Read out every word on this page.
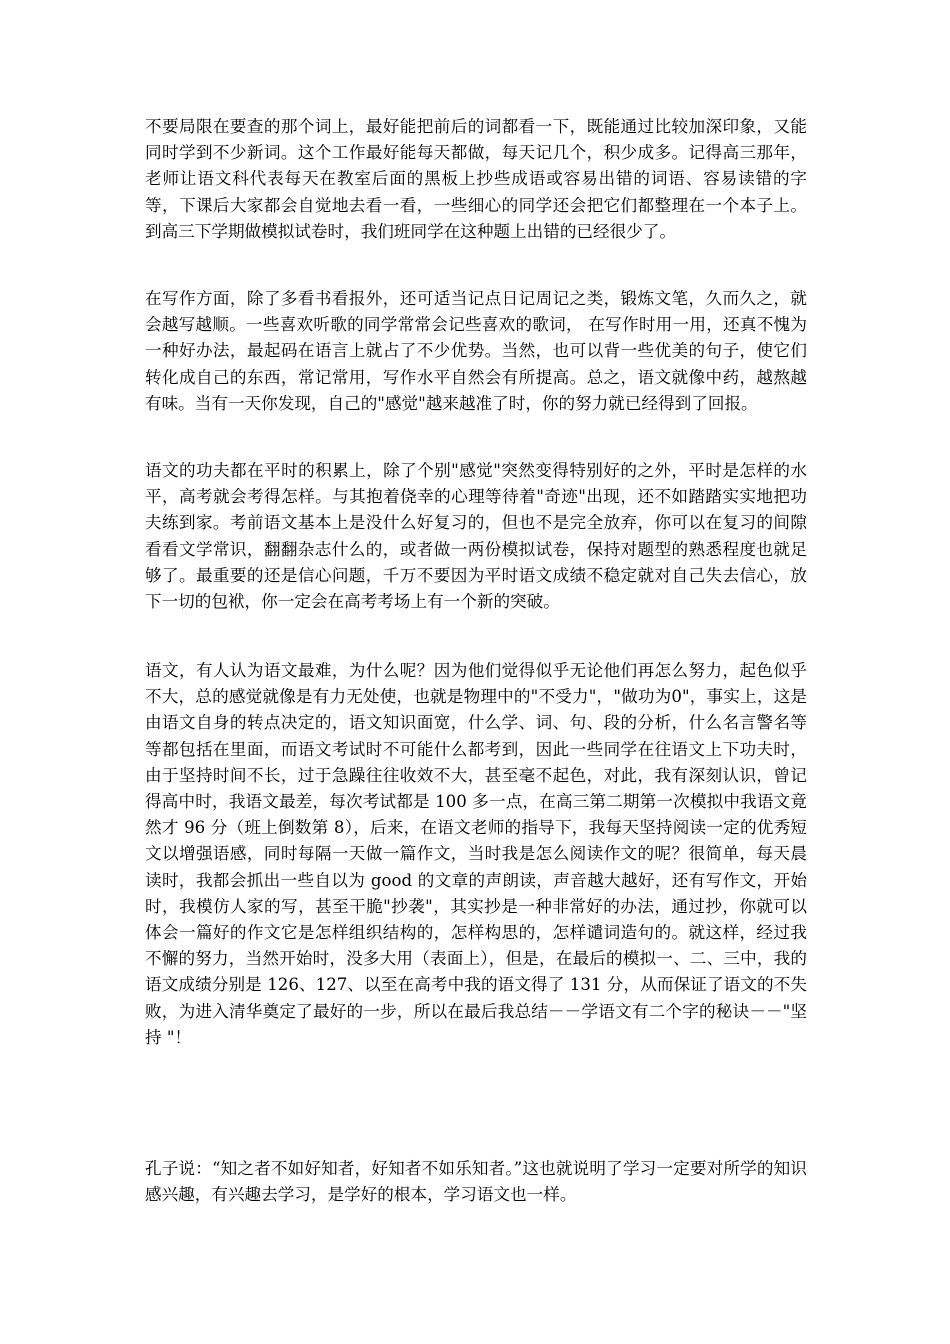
不要局限在要查的那个词上，最好能把前后的词都看一下，既能通过比较加深印象，又能同时学到不少新词。这个工作最好能每天都做，每天记几个，积少成多。记得高三那年，老师让语文科代表每天在教室后面的黑板上抄些成语或容易出错的词语、容易读错的字等，下课后大家都会自觉地去看一看，一些细心的同学还会把它们都整理在一个本子上。到高三下学期做模拟试卷时，我们班同学在这种题上出错的已经很少了。

在写作方面，除了多看书看报外，还可适当记点日记周记之类，锻炼文笔，久而久之，就会越写越顺。一些喜欢听歌的同学常常会记些喜欢的歌词， 在写作时用一用，还真不愧为一种好办法，最起码在语言上就占了不少优势。当然，也可以背一些优美的句子，使它们转化成自己的东西，常记常用，写作水平自然会有所提高。总之，语文就像中药，越熬越有味。当有一天你发现，自己的"感觉"越来越准了时，你的努力就已经得到了回报。

语文的功夫都在平时的积累上，除了个别"感觉"突然变得特别好的之外，平时是怎样的水平，高考就会考得怎样。与其抱着侥幸的心理等待着"奇迹"出现，还不如踏踏实实地把功夫练到家。考前语文基本上是没什么好复习的，但也不是完全放弃，你可以在复习的间隙看看文学常识，翻翻杂志什么的，或者做一两份模拟试卷，保持对题型的熟悉程度也就足够了。最重要的还是信心问题，千万不要因为平时语文成绩不稳定就对自己失去信心，放下一切的包袱，你一定会在高考考场上有一个新的突破。

语文，有人认为语文最难，为什么呢？因为他们觉得似乎无论他们再怎么努力，起色似乎不大，总的感觉就像是有力无处使，也就是物理中的"不受力"，"做功为0"，事实上，这是由语文自身的转点决定的，语文知识面宽，什么学、词、句、段的分析，什么名言警名等等都包括在里面，而语文考试时不可能什么都考到，因此一些同学在往语文上下功夫时，由于坚持时间不长，过于急躁往往收效不大，甚至毫不起色，对此，我有深刻认识，曾记得高中时，我语文最差，每次考试都是 100 多一点，在高三第二期第一次模拟中我语文竟然才 96 分（班上倒数第 8），后来，在语文老师的指导下，我每天坚持阅读一定的优秀短文以增强语感，同时每隔一天做一篇作文，当时我是怎么阅读作文的呢？很简单，每天晨读时，我都会抓出一些自以为 good 的文章的声朗读，声音越大越好，还有写作文，开始时，我模仿人家的写，甚至干脆"抄袭"，其实抄是一种非常好的办法，通过抄，你就可以体会一篇好的作文它是怎样组织结构的，怎样构思的，怎样谴词造句的。就这样，经过我不懈的努力，当然开始时，没多大用（表面上），但是，在最后的模拟一、二、三中，我的语文成绩分别是 126、127、以至在高考中我的语文得了 131 分，从而保证了语文的不失败，为进入清华奠定了最好的一步，所以在最后我总结－－学语文有二个字的秘诀－－"坚持 "！

孔子说：“知之者不如好知者，好知者不如乐知者。”这也就说明了学习一定要对所学的知识感兴趣，有兴趣去学习，是学好的根本，学习语文也一样。
